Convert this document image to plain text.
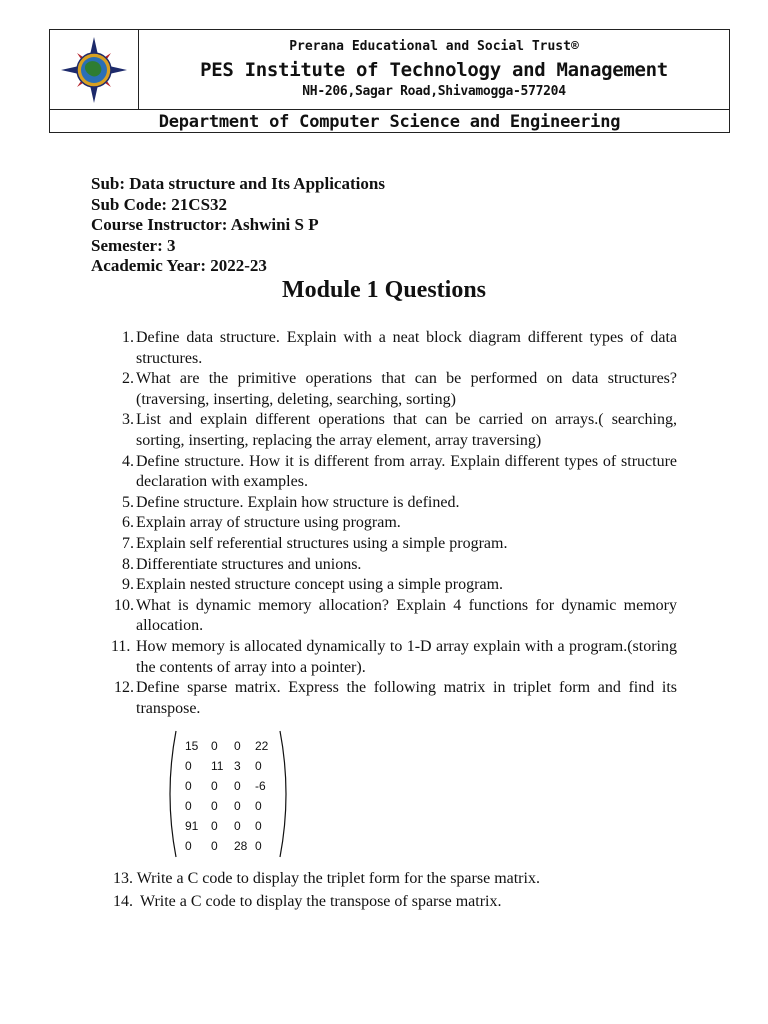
Prerana Educational and Social Trust®
PES Institute of Technology and Management
NH-206,Sagar Road,Shivamogga-577204
Department of Computer Science and Engineering
Sub: Data structure and Its Applications
Sub Code: 21CS32
Course Instructor: Ashwini S P
Semester: 3
Academic Year: 2022-23
Module 1 Questions
1. Define data structure. Explain with a neat block diagram different types of data structures.
2. What are the primitive operations that can be performed on data structures? (traversing, inserting, deleting, searching, sorting)
3. List and explain different operations that can be carried on arrays.( searching, sorting, inserting, replacing the array element, array traversing)
4. Define structure. How it is different from array. Explain different types of structure declaration with examples.
5. Define structure. Explain how structure is defined.
6. Explain array of structure using program.
7. Explain self referential structures using a simple program.
8. Differentiate structures and unions.
9. Explain nested structure concept using a simple program.
10. What is dynamic memory allocation? Explain 4 functions for dynamic memory allocation.
11. How memory is allocated dynamically to 1-D array explain with a program.(storing the contents of array into a pointer).
12. Define sparse matrix. Express the following matrix in triplet form and find its transpose.
15 0 0 22
0 11 3 0
0 0 0 -6
0 0 0 0
91 0 0 0
0 0 28 0
13. Write a C code to display the triplet form for the sparse matrix.
14. Write a C code to display the transpose of sparse matrix.
